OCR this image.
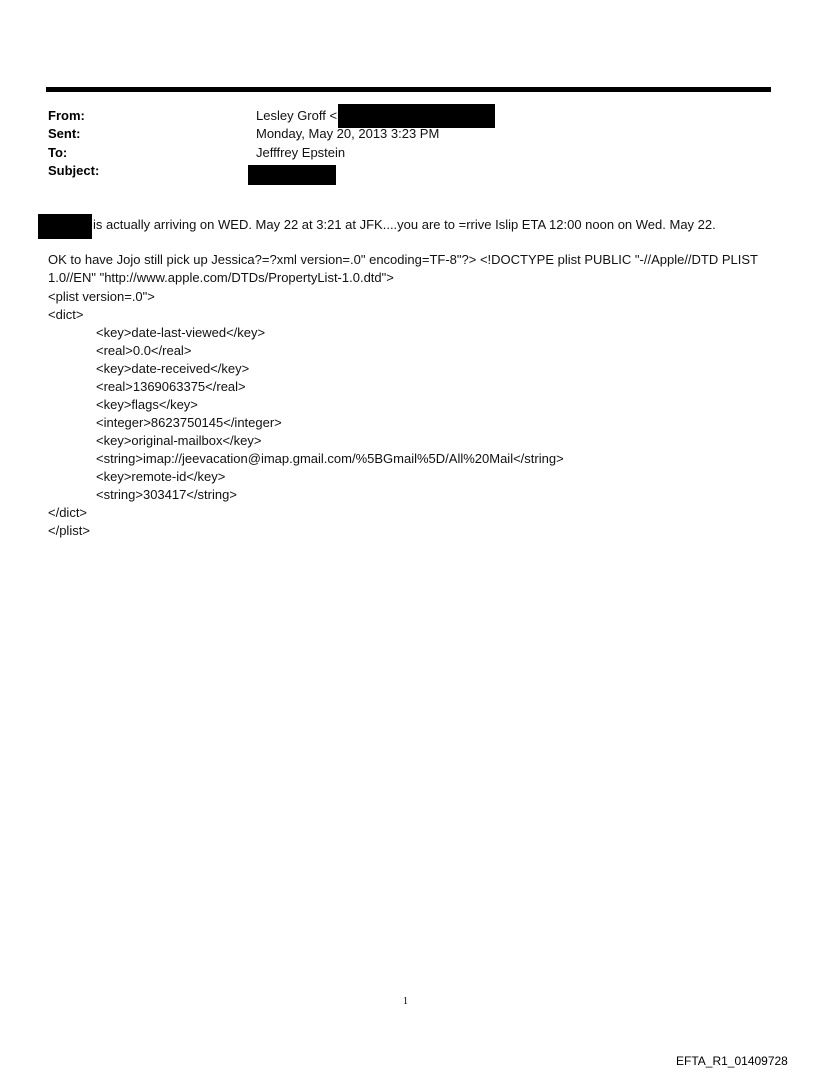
From:	Lesley Groff <
Sent:	Monday, May 20, 2013 3:23 PM
To:	Jefffrey Epstein
Subject:
is actually arriving on WED. May 22 at 3:21 at JFK....you are to =rrive Islip ETA 12:00 noon on Wed. May 22.
OK to have Jojo still pick up Jessica?=?xml version=.0" encoding=TF-8"?> <!DOCTYPE plist PUBLIC "-//Apple//DTD PLIST
1.0//EN" "http://www.apple.com/DTDs/PropertyList-1.0.dtd">
<plist version=.0">
<dict>
<key>date-last-viewed</key>
<real>0.0</real>
<key>date-received</key>
<real>1369063375</real>
<key>flags</key>
<integer>8623750145</integer>
<key>original-mailbox</key>
<string>imap://jeevacation@imap.gmail.com/%5BGmail%5D/All%20Mail</string>
<key>remote-id</key>
<string>303417</string>
</dict>
</plist>
1
EFTA_R1_01409728
